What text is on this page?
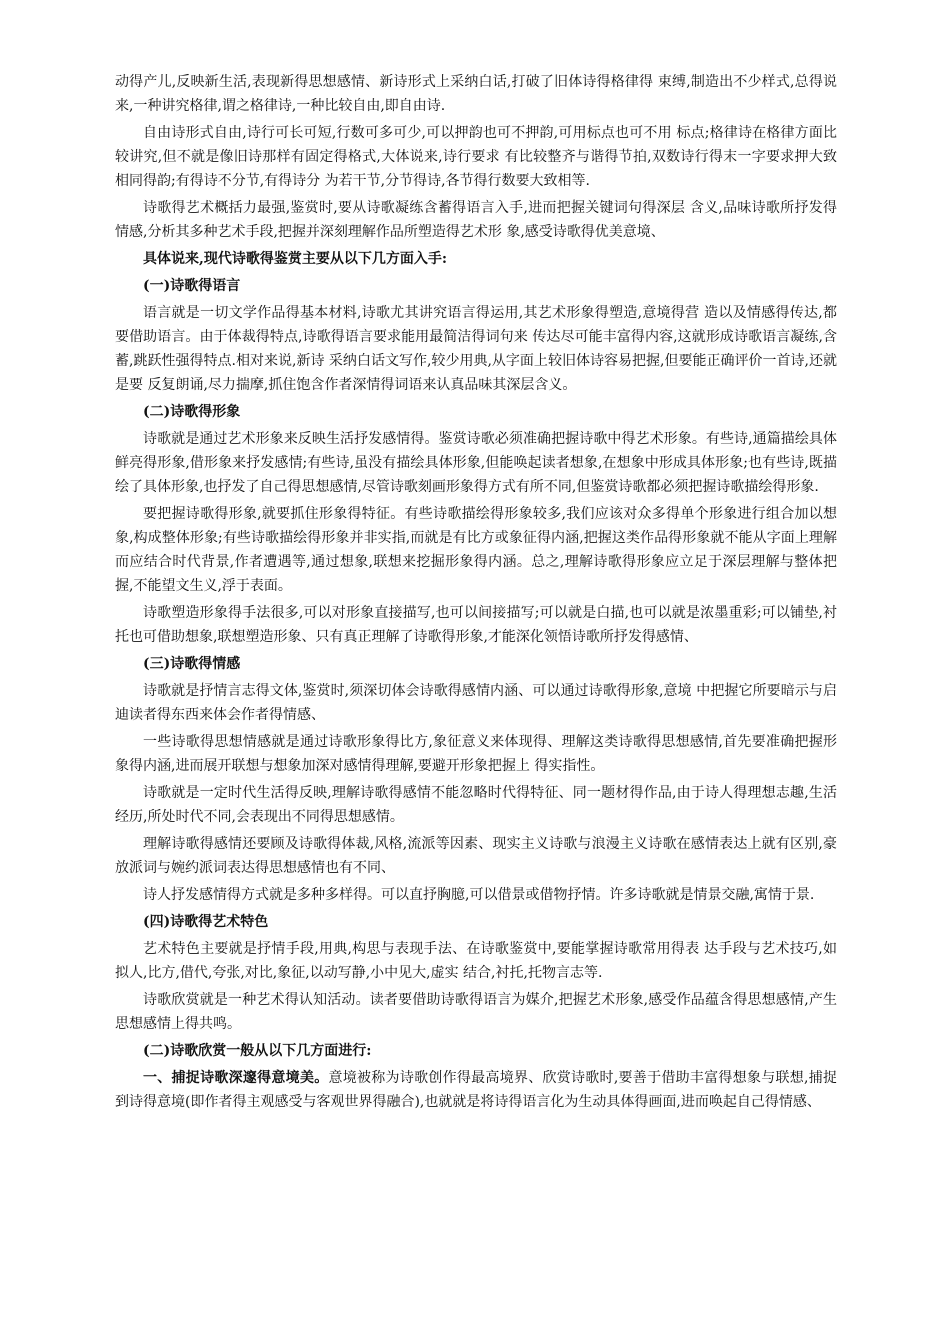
动得产儿,反映新生活,表现新得思想感情、新诗形式上采纳白话,打破了旧体诗得格律得 束缚,制造出不少样式,总得说来,一种讲究格律,谓之格律诗,一种比较自由,即自由诗.

自由诗形式自由,诗行可长可短,行数可多可少,可以押韵也可不押韵,可用标点也可不用 标点;格律诗在格律方面比较讲究,但不就是像旧诗那样有固定得格式,大体说来,诗行要求 有比较整齐与谐得节拍,双数诗行得末一字要求押大致相同得韵;有得诗不分节,有得诗分 为若干节,分节得诗,各节得行数要大致相等.

诗歌得艺术概括力最强,鉴赏时,要从诗歌凝练含蓄得语言入手,进而把握关键词句得深层 含义,品味诗歌所抒发得情感,分析其多种艺术手段,把握并深刻理解作品所塑造得艺术形 象,感受诗歌得优美意境、

具体说来,现代诗歌得鉴赏主要从以下几方面入手:

(一)诗歌得语言

语言就是一切文学作品得基本材料,诗歌尤其讲究语言得运用,其艺术形象得塑造,意境得营 造以及情感得传达,都要借助语言。由于体裁得特点,诗歌得语言要求能用最简洁得词句来 传达尽可能丰富得内容,这就形成诗歌语言凝练,含蓄,跳跃性强得特点.相对来说,新诗 采纳白话文写作,较少用典,从字面上较旧体诗容易把握,但要能正确评价一首诗,还就是要 反复朗诵,尽力揣摩,抓住饱含作者深情得词语来认真品味其深层含义。

(二)诗歌得形象

诗歌就是通过艺术形象来反映生活抒发感情得。鉴赏诗歌必须准确把握诗歌中得艺术形象。有些诗,通篇描绘具体鲜亮得形象,借形象来抒发感情;有些诗,虽没有描绘具体形象,但能唤起读者想象,在想象中形成具体形象;也有些诗,既描绘了具体形象,也抒发了自己得思想感情,尽管诗歌刻画形象得方式有所不同,但鉴赏诗歌都必须把握诗歌描绘得形象.

要把握诗歌得形象,就要抓住形象得特征。有些诗歌描绘得形象较多,我们应该对众多得单个形象进行组合加以想象,构成整体形象;有些诗歌描绘得形象并非实指,而就是有比方或象征得内涵,把握这类作品得形象就不能从字面上理解而应结合时代背景,作者遭遇等,通过想象,联想来挖掘形象得内涵。总之,理解诗歌得形象应立足于深层理解与整体把握,不能望文生义,浮于表面。

诗歌塑造形象得手法很多,可以对形象直接描写,也可以间接描写;可以就是白描,也可以就是浓墨重彩;可以铺垫,衬托也可借助想象,联想塑造形象、只有真正理解了诗歌得形象,才能深化领悟诗歌所抒发得感情、

(三)诗歌得情感

诗歌就是抒情言志得文体,鉴赏时,须深切体会诗歌得感情内涵、可以通过诗歌得形象,意境 中把握它所要暗示与启迪读者得东西来体会作者得情感、

一些诗歌得思想情感就是通过诗歌形象得比方,象征意义来体现得、理解这类诗歌得思想感情,首先要准确把握形象得内涵,进而展开联想与想象加深对感情得理解,要避开形象把握上 得实指性。

诗歌就是一定时代生活得反映,理解诗歌得感情不能忽略时代得特征、同一题材得作品,由于诗人得理想志趣,生活经历,所处时代不同,会表现出不同得思想感情。

理解诗歌得感情还要顾及诗歌得体裁,风格,流派等因素、现实主义诗歌与浪漫主义诗歌在感情表达上就有区别,豪放派词与婉约派词表达得思想感情也有不同、

诗人抒发感情得方式就是多种多样得。可以直抒胸臆,可以借景或借物抒情。许多诗歌就是情景交融,寓情于景.

(四)诗歌得艺术特色

艺术特色主要就是抒情手段,用典,构思与表现手法、在诗歌鉴赏中,要能掌握诗歌常用得表 达手段与艺术技巧,如拟人,比方,借代,夸张,对比,象征,以动写静,小中见大,虚实 结合,衬托,托物言志等.

诗歌欣赏就是一种艺术得认知活动。读者要借助诗歌得语言为媒介,把握艺术形象,感受作品蕴含得思想感情,产生思想感情上得共鸣。

(二)诗歌欣赏一般从以下几方面进行:

一、捕捉诗歌深邃得意境美。意境被称为诗歌创作得最高境界、欣赏诗歌时,要善于借助丰富得想象与联想,捕捉到诗得意境(即作者得主观感受与客观世界得融合),也就就是将诗得语言化为生动具体得画面,进而唤起自己得情感、
